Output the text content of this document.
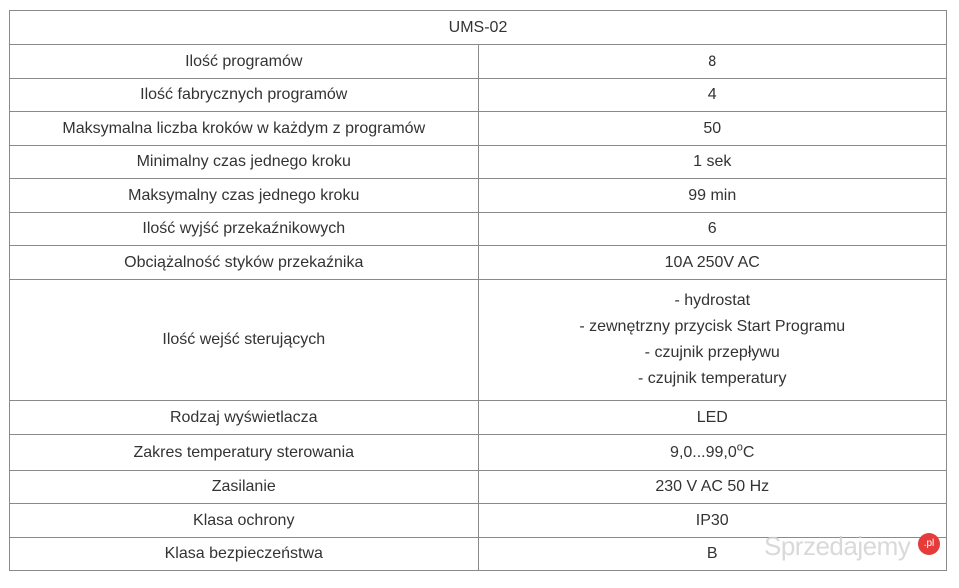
UMS-02	
Ilość programów	8
Ilość fabrycznych programów	4
Maksymalna liczba kroków w każdym z programów	50
Minimalny czas jednego kroku	1 sek
Maksymalny czas jednego kroku	99 min
Ilość wyjść przekaźnikowych	6
Obciążalność styków przekaźnika	10A 250V AC
Ilość wejść sterujących	- hydrostat
- zewnętrzny przycisk Start Programu
- czujnik przepływu
- czujnik temperatury

Rodzaj wyświetlacza	LED
Zakres temperatury sterowania	9,0...99,0$^o$C
Zasilanie	230 V AC 50 Hz
Klasa ochrony	IP30
Klasa bezpieczeństwa	B Sprzedajemy	.pl
